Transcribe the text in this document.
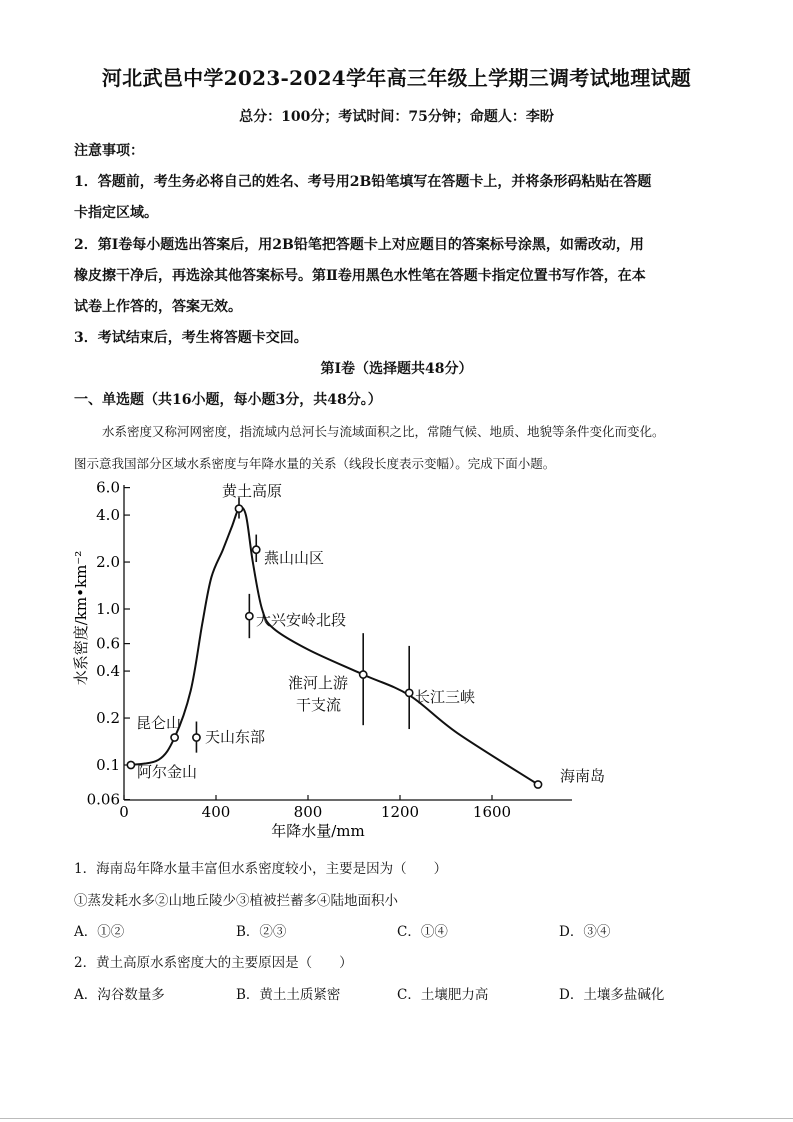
河北武邑中学2023-2024学年高三年级上学期三调考试地理试题
总分：100分；考试时间：75分钟；命题人：李盼
注意事项：
1．答题前，考生务必将自己的姓名、考号用2B铅笔填写在答题卡上，并将条形码粘贴在答题
卡指定区域。
2．第Ⅰ卷每小题选出答案后，用2B铅笔把答题卡上对应题目的答案标号涂黑，如需改动，用
橡皮擦干净后，再选涂其他答案标号。第Ⅱ卷用黑色水性笔在答题卡指定位置书写作答，在本
试卷上作答的，答案无效。
3．考试结束后，考生将答题卡交回。
第Ⅰ卷（选择题共48分）
一、单选题（共16小题，每小题3分，共48分。）
水系密度又称河网密度，指流域内总河长与流域面积之比，常随气候、地质、地貌等条件变化而变化。
图示意我国部分区域水系密度与年降水量的关系（线段长度表示变幅）。完成下面小题。
6.0
4.0
2.0
1.0
0.6
0.4
0.2
0.1
0.06
0	400	800	1200	1600
黄土高原
燕山山区
大兴安岭北段
淮河上游
干支流	长江三峡
昆仑山
天山东部
阿尔金山	海南岛
年降水量/mm
水系密度/km•km⁻²
1．海南岛年降水量丰富但水系密度较小，主要是因为（　　）
①蒸发耗水多②山地丘陵少③植被拦蓄多④陆地面积小
A．①②	B．②③	C．①④	D．③④
2．黄土高原水系密度大的主要原因是（　　）
A．沟谷数量多	B．黄土土质紧密	C．土壤肥力高	D．土壤多盐碱化
